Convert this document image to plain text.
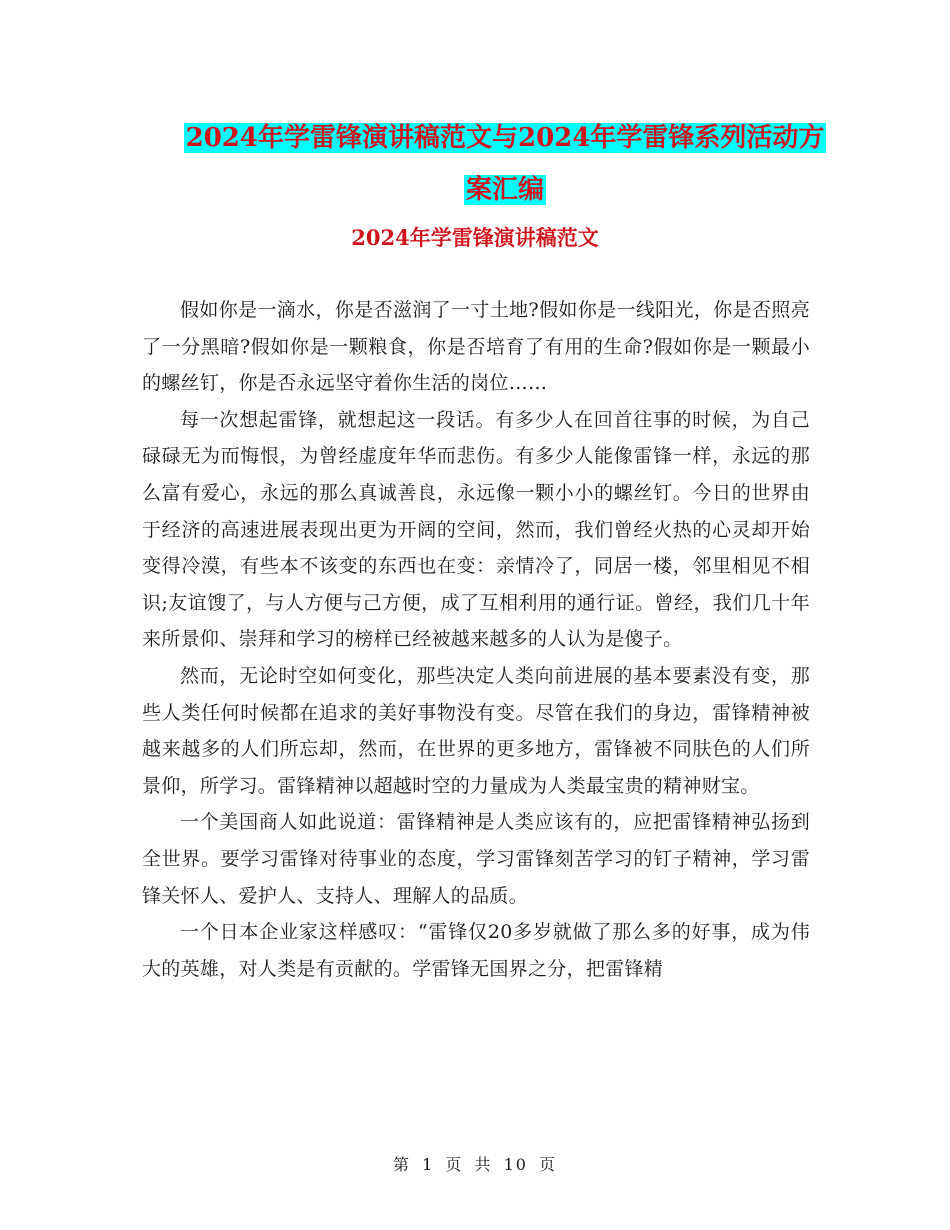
2024年学雷锋演讲稿范文与2024年学雷锋系列活动方
案汇编
2024年学雷锋演讲稿范文

假如你是一滴水，你是否滋润了一寸土地?假如你是一线阳光，你是否照亮了一分黑暗?假如你是一颗粮食，你是否培育了有用的生命?假如你是一颗最小的螺丝钉，你是否永远坚守着你生活的岗位……

每一次想起雷锋，就想起这一段话。有多少人在回首往事的时候，为自己碌碌无为而悔恨，为曾经虚度年华而悲伤。有多少人能像雷锋一样，永远的那么富有爱心，永远的那么真诚善良，永远像一颗小小的螺丝钉。今日的世界由于经济的高速进展表现出更为开阔的空间，然而，我们曾经火热的心灵却开始变得冷漠，有些本不该变的东西也在变：亲情冷了，同居一楼，邻里相见不相识;友谊馊了，与人方便与己方便，成了互相利用的通行证。曾经，我们几十年来所景仰、崇拜和学习的榜样已经被越来越多的人认为是傻子。

然而，无论时空如何变化，那些决定人类向前进展的基本要素没有变，那些人类任何时候都在追求的美好事物没有变。尽管在我们的身边，雷锋精神被越来越多的人们所忘却，然而，在世界的更多地方，雷锋被不同肤色的人们所景仰，所学习。雷锋精神以超越时空的力量成为人类最宝贵的精神财宝。

一个美国商人如此说道：雷锋精神是人类应该有的，应把雷锋精神弘扬到全世界。要学习雷锋对待事业的态度，学习雷锋刻苦学习的钉子精神，学习雷锋关怀人、爱护人、支持人、理解人的品质。

一个日本企业家这样感叹：“雷锋仅20多岁就做了那么多的好事，成为伟大的英雄，对人类是有贡献的。学雷锋无国界之分，把雷锋精

第 1 页 共 10 页
